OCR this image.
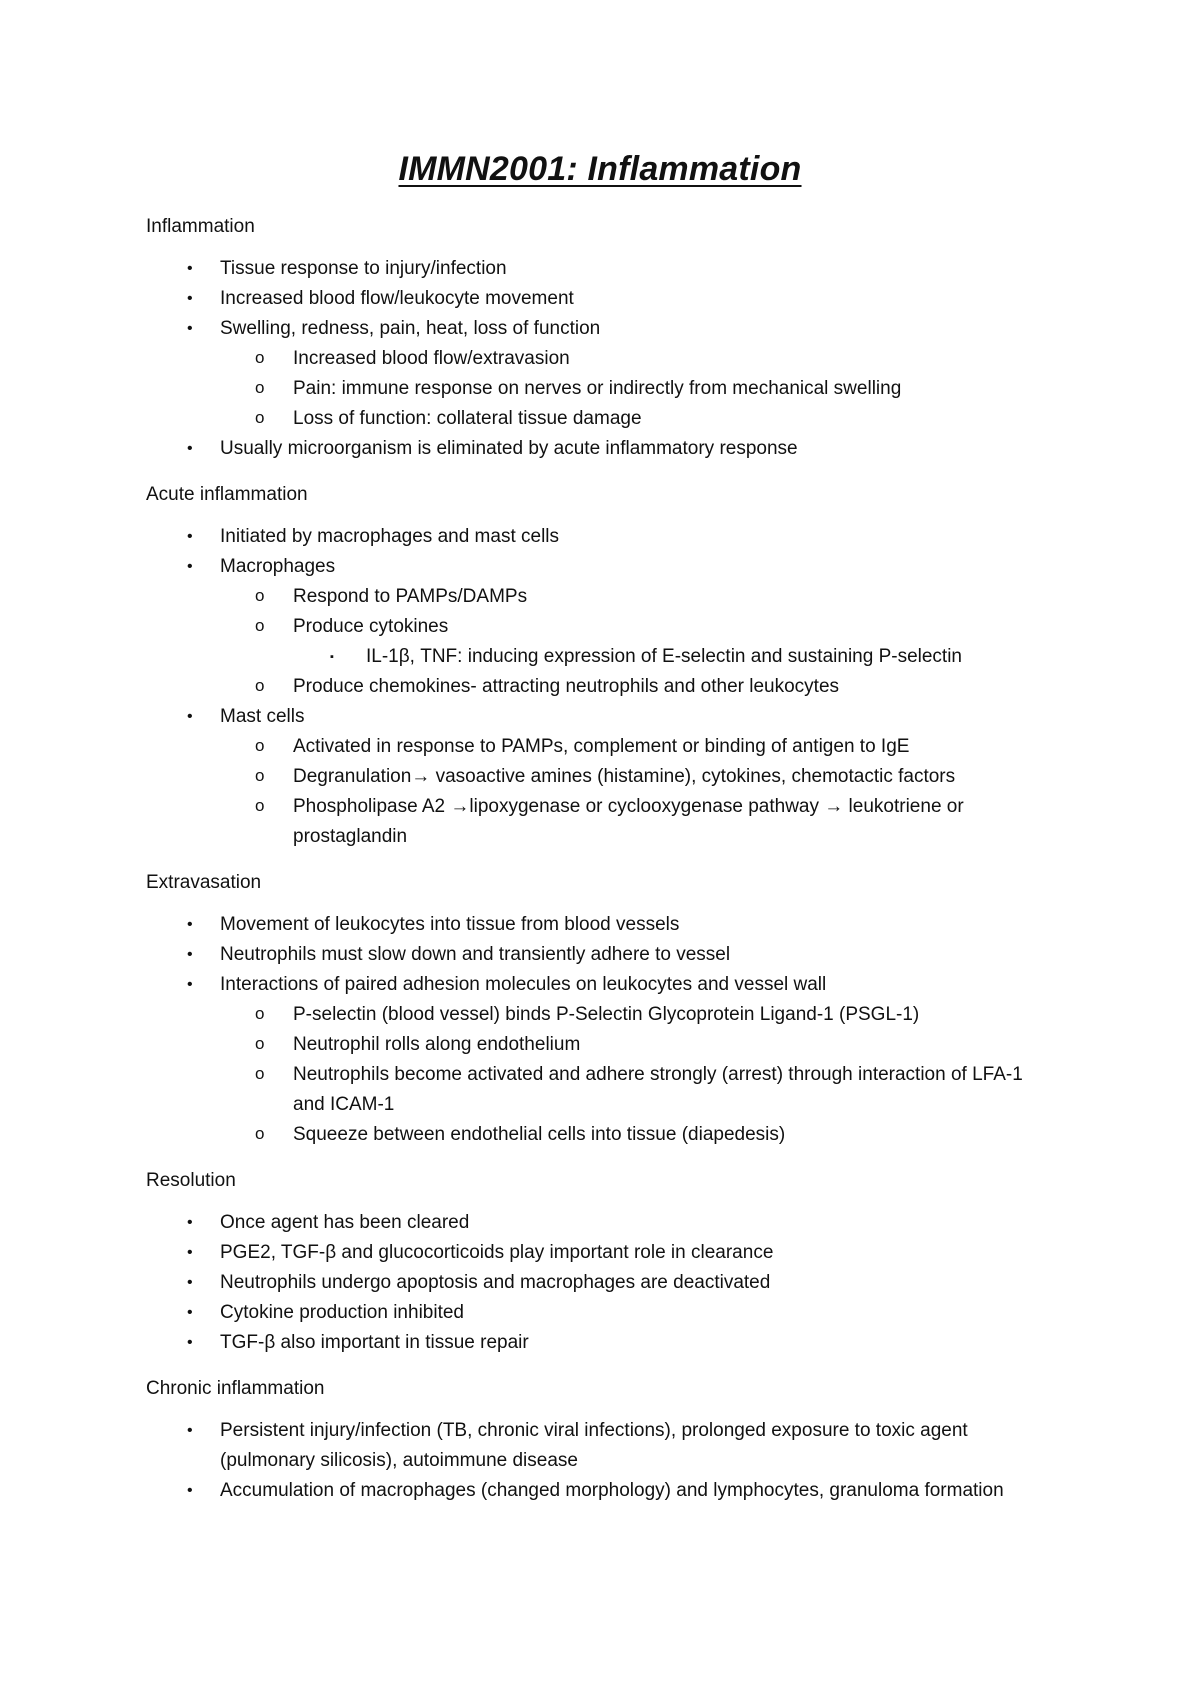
IMMN2001: Inflammation
Inflammation
• Tissue response to injury/infection
• Increased blood flow/leukocyte movement
• Swelling, redness, pain, heat, loss of function
o Increased blood flow/extravasion
o Pain: immune response on nerves or indirectly from mechanical swelling
o Loss of function: collateral tissue damage
• Usually microorganism is eliminated by acute inflammatory response
Acute inflammation
• Initiated by macrophages and mast cells
• Macrophages
o Respond to PAMPs/DAMPs
o Produce cytokines
▪ IL-1β, TNF: inducing expression of E-selectin and sustaining P-selectin
o Produce chemokines- attracting neutrophils and other leukocytes
• Mast cells
o Activated in response to PAMPs, complement or binding of antigen to IgE
o Degranulation→ vasoactive amines (histamine), cytokines, chemotactic factors
o Phospholipase A2 →lipoxygenase or cyclooxygenase pathway → leukotriene or prostaglandin
Extravasation
• Movement of leukocytes into tissue from blood vessels
• Neutrophils must slow down and transiently adhere to vessel
• Interactions of paired adhesion molecules on leukocytes and vessel wall
o P-selectin (blood vessel) binds P-Selectin Glycoprotein Ligand-1 (PSGL-1)
o Neutrophil rolls along endothelium
o Neutrophils become activated and adhere strongly (arrest) through interaction of LFA-1 and ICAM-1
o Squeeze between endothelial cells into tissue (diapedesis)
Resolution
• Once agent has been cleared
• PGE2, TGF-β and glucocorticoids play important role in clearance
• Neutrophils undergo apoptosis and macrophages are deactivated
• Cytokine production inhibited
• TGF-β also important in tissue repair
Chronic inflammation
• Persistent injury/infection (TB, chronic viral infections), prolonged exposure to toxic agent (pulmonary silicosis), autoimmune disease
• Accumulation of macrophages (changed morphology) and lymphocytes, granuloma formation
